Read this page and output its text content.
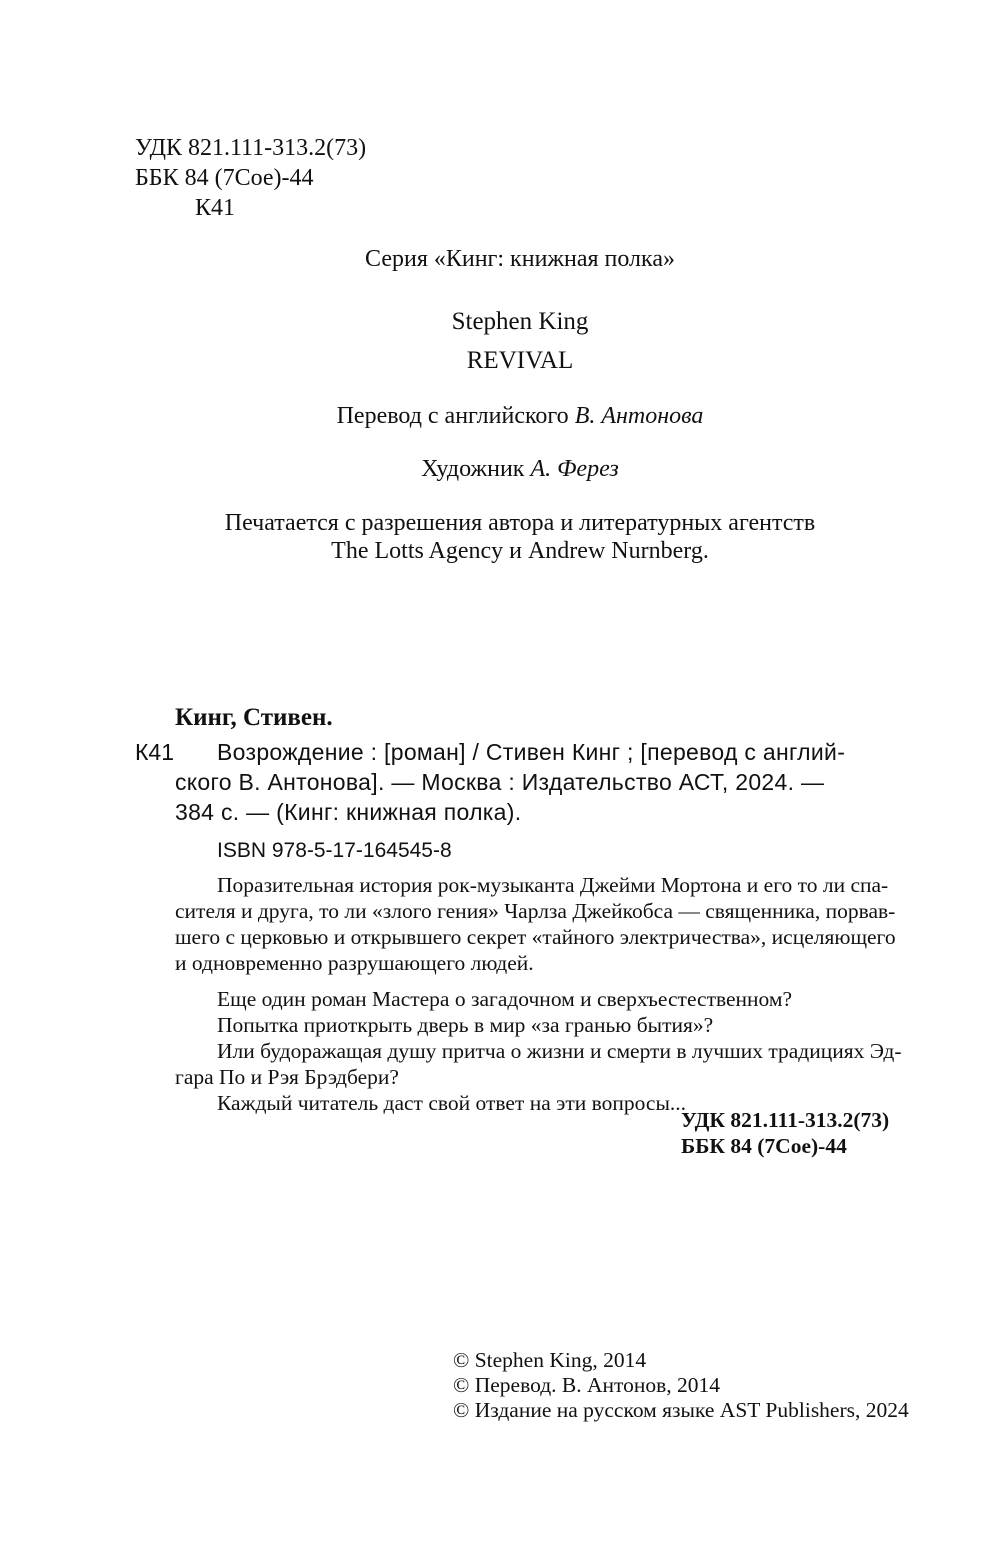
УДК 821.111-313.2(73)
ББК 84 (7Сое)-44
К41
Серия «Кинг: книжная полка»
Stephen King
REVIVAL
Перевод с английского В. Антонова
Художник А. Ферез
Печатается с разрешения автора и литературных агентств
The Lotts Agency и Andrew Nurnberg.
Кинг, Стивен.
К41 Возрождение : [роман] / Стивен Кинг ; [перевод с англий-
ского В. Антонова]. — Москва : Издательство АСТ, 2024. —
384 с. — (Кинг: книжная полка).
ISBN 978-5-17-164545-8

Поразительная история рок-музыканта Джейми Мортона и его то ли спа-

сителя и друга, то ли «злого гения» Чарлза Джейкобса — священника, порвав-

шего с церковью и открывшего секрет «тайного электричества», исцеляющего

и одновременно разрушающего людей.

Еще один роман Мастера о загадочном и сверхъестественном?

Попытка приоткрыть дверь в мир «за гранью бытия»?

Или будоражащая душу притча о жизни и смерти в лучших традициях Эд-

гара По и Рэя Брэдбери?

Каждый читатель даст свой ответ на эти вопросы...

УДК 821.111-313.2(73)
ББК 84 (7Сое)-44
© Stephen King, 2014
© Перевод. В. Антонов, 2014
© Издание на русском языке AST Publishers, 2024
